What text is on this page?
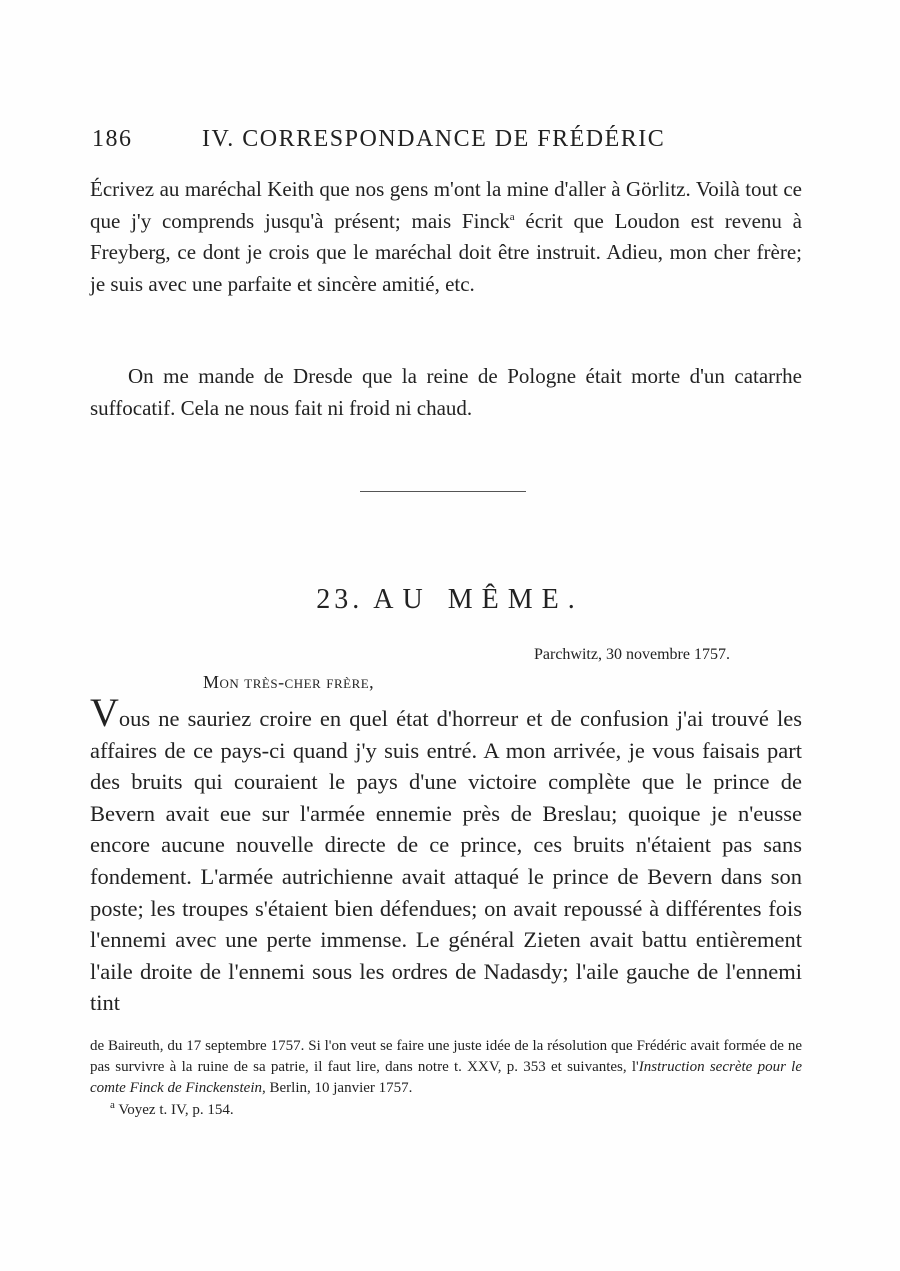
186	IV. CORRESPONDANCE DE FRÉDÉRIC

Écrivez au maréchal Keith que nos gens m'ont la mine d'aller à Görlitz. Voilà tout ce que j'y comprends jusqu'à présent; mais Finck$^a$ écrit que Loudon est revenu à Freyberg, ce dont je crois que le maréchal doit être instruit. Adieu, mon cher frère; je suis avec une parfaite et sincère amitié, etc.

On me mande de Dresde que la reine de Pologne était morte d'un catarrhe suffocatif. Cela ne nous fait ni froid ni chaud.

23. AU MÊME.

Parchwitz, 30 novembre 1757.

Mon très-cher frère,

Vous ne sauriez croire en quel état d'horreur et de confusion j'ai trouvé les affaires de ce pays-ci quand j'y suis entré. A mon arrivée, je vous faisais part des bruits qui couraient le pays d'une victoire complète que le prince de Bevern avait eue sur l'armée ennemie près de Breslau; quoique je n'eusse encore aucune nouvelle directe de ce prince, ces bruits n'étaient pas sans fondement. L'armée autrichienne avait attaqué le prince de Bevern dans son poste; les troupes s'étaient bien défendues; on avait repoussé à différentes fois l'ennemi avec une perte immense. Le général Zieten avait battu entièrement l'aile droite de l'ennemi sous les ordres de Nadasdy; l'aile gauche de l'ennemi tint

de Baireuth, du 17 septembre 1757. Si l'on veut se faire une juste idée de la résolution que Frédéric avait formée de ne pas survivre à la ruine de sa patrie, il faut lire, dans notre t. XXV, p. 353 et suivantes, l'Instruction secrète pour le comte Finck de Finckenstein, Berlin, 10 janvier 1757.

$^a$ Voyez t. IV, p. 154.
